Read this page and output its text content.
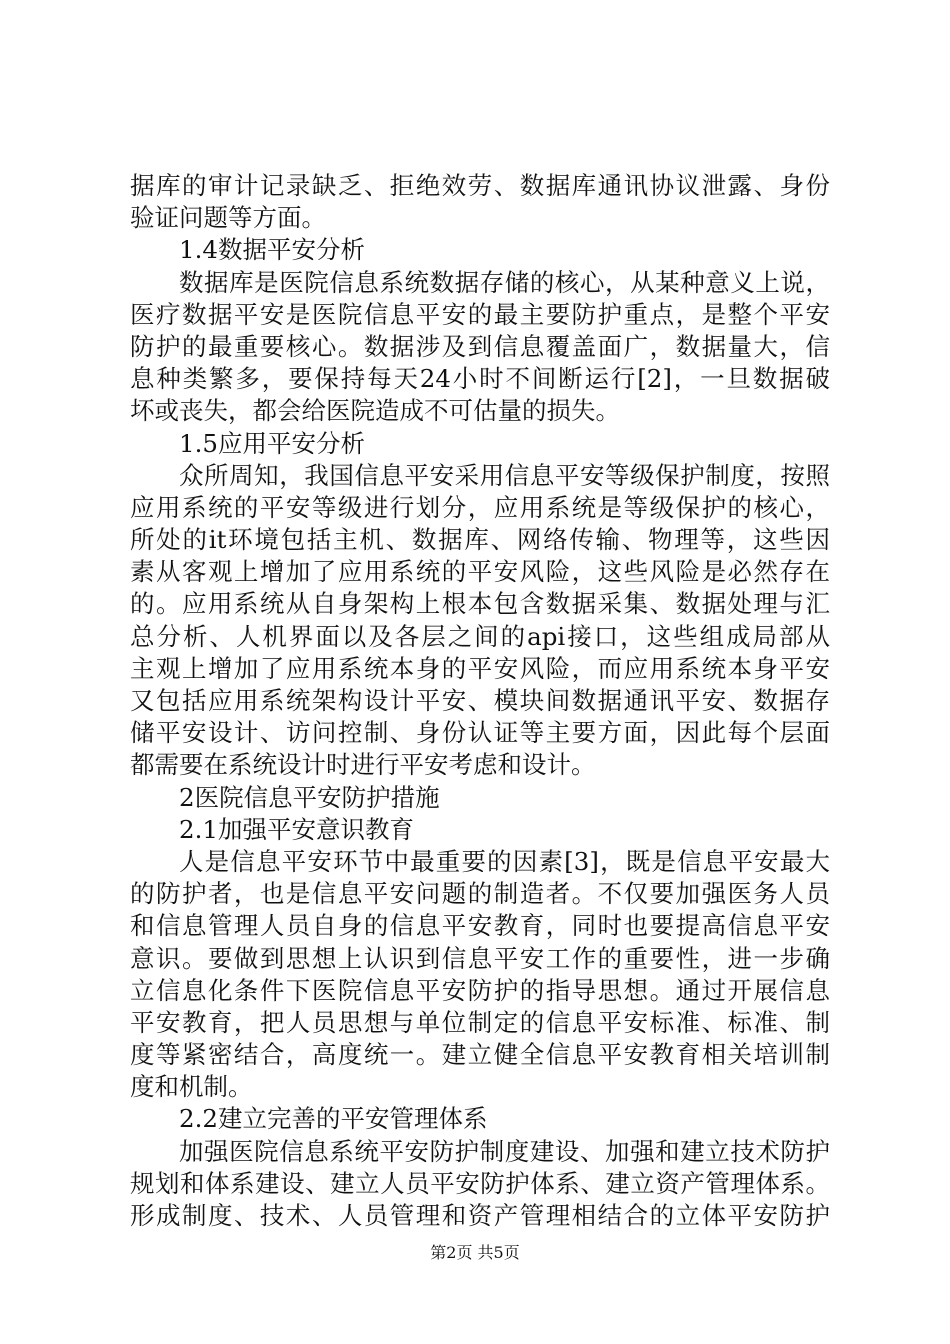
据库的审计记录缺乏、拒绝效劳、数据库通讯协议泄露、身份
验证问题等方面。
1.4数据平安分析
数据库是医院信息系统数据存储的核心，从某种意义上说，
医疗数据平安是医院信息平安的最主要防护重点，是整个平安
防护的最重要核心。数据涉及到信息覆盖面广，数据量大，信
息种类繁多，要保持每天24小时不间断运行[2]，一旦数据破
坏或丧失，都会给医院造成不可估量的损失。
1.5应用平安分析
众所周知，我国信息平安采用信息平安等级保护制度，按照
应用系统的平安等级进行划分，应用系统是等级保护的核心，
所处的it环境包括主机、数据库、网络传输、物理等，这些因
素从客观上增加了应用系统的平安风险，这些风险是必然存在
的。应用系统从自身架构上根本包含数据采集、数据处理与汇
总分析、人机界面以及各层之间的api接口，这些组成局部从
主观上增加了应用系统本身的平安风险，而应用系统本身平安
又包括应用系统架构设计平安、模块间数据通讯平安、数据存
储平安设计、访问控制、身份认证等主要方面，因此每个层面
都需要在系统设计时进行平安考虑和设计。
2医院信息平安防护措施
2.1加强平安意识教育
人是信息平安环节中最重要的因素[3]，既是信息平安最大
的防护者，也是信息平安问题的制造者。不仅要加强医务人员
和信息管理人员自身的信息平安教育，同时也要提高信息平安
意识。要做到思想上认识到信息平安工作的重要性，进一步确
立信息化条件下医院信息平安防护的指导思想。通过开展信息
平安教育，把人员思想与单位制定的信息平安标准、标准、制
度等紧密结合，高度统一。建立健全信息平安教育相关培训制
度和机制。
2.2建立完善的平安管理体系
加强医院信息系统平安防护制度建设、加强和建立技术防护
规划和体系建设、建立人员平安防护体系、建立资产管理体系。
形成制度、技术、人员管理和资产管理相结合的立体平安防护
第2页 共5页
